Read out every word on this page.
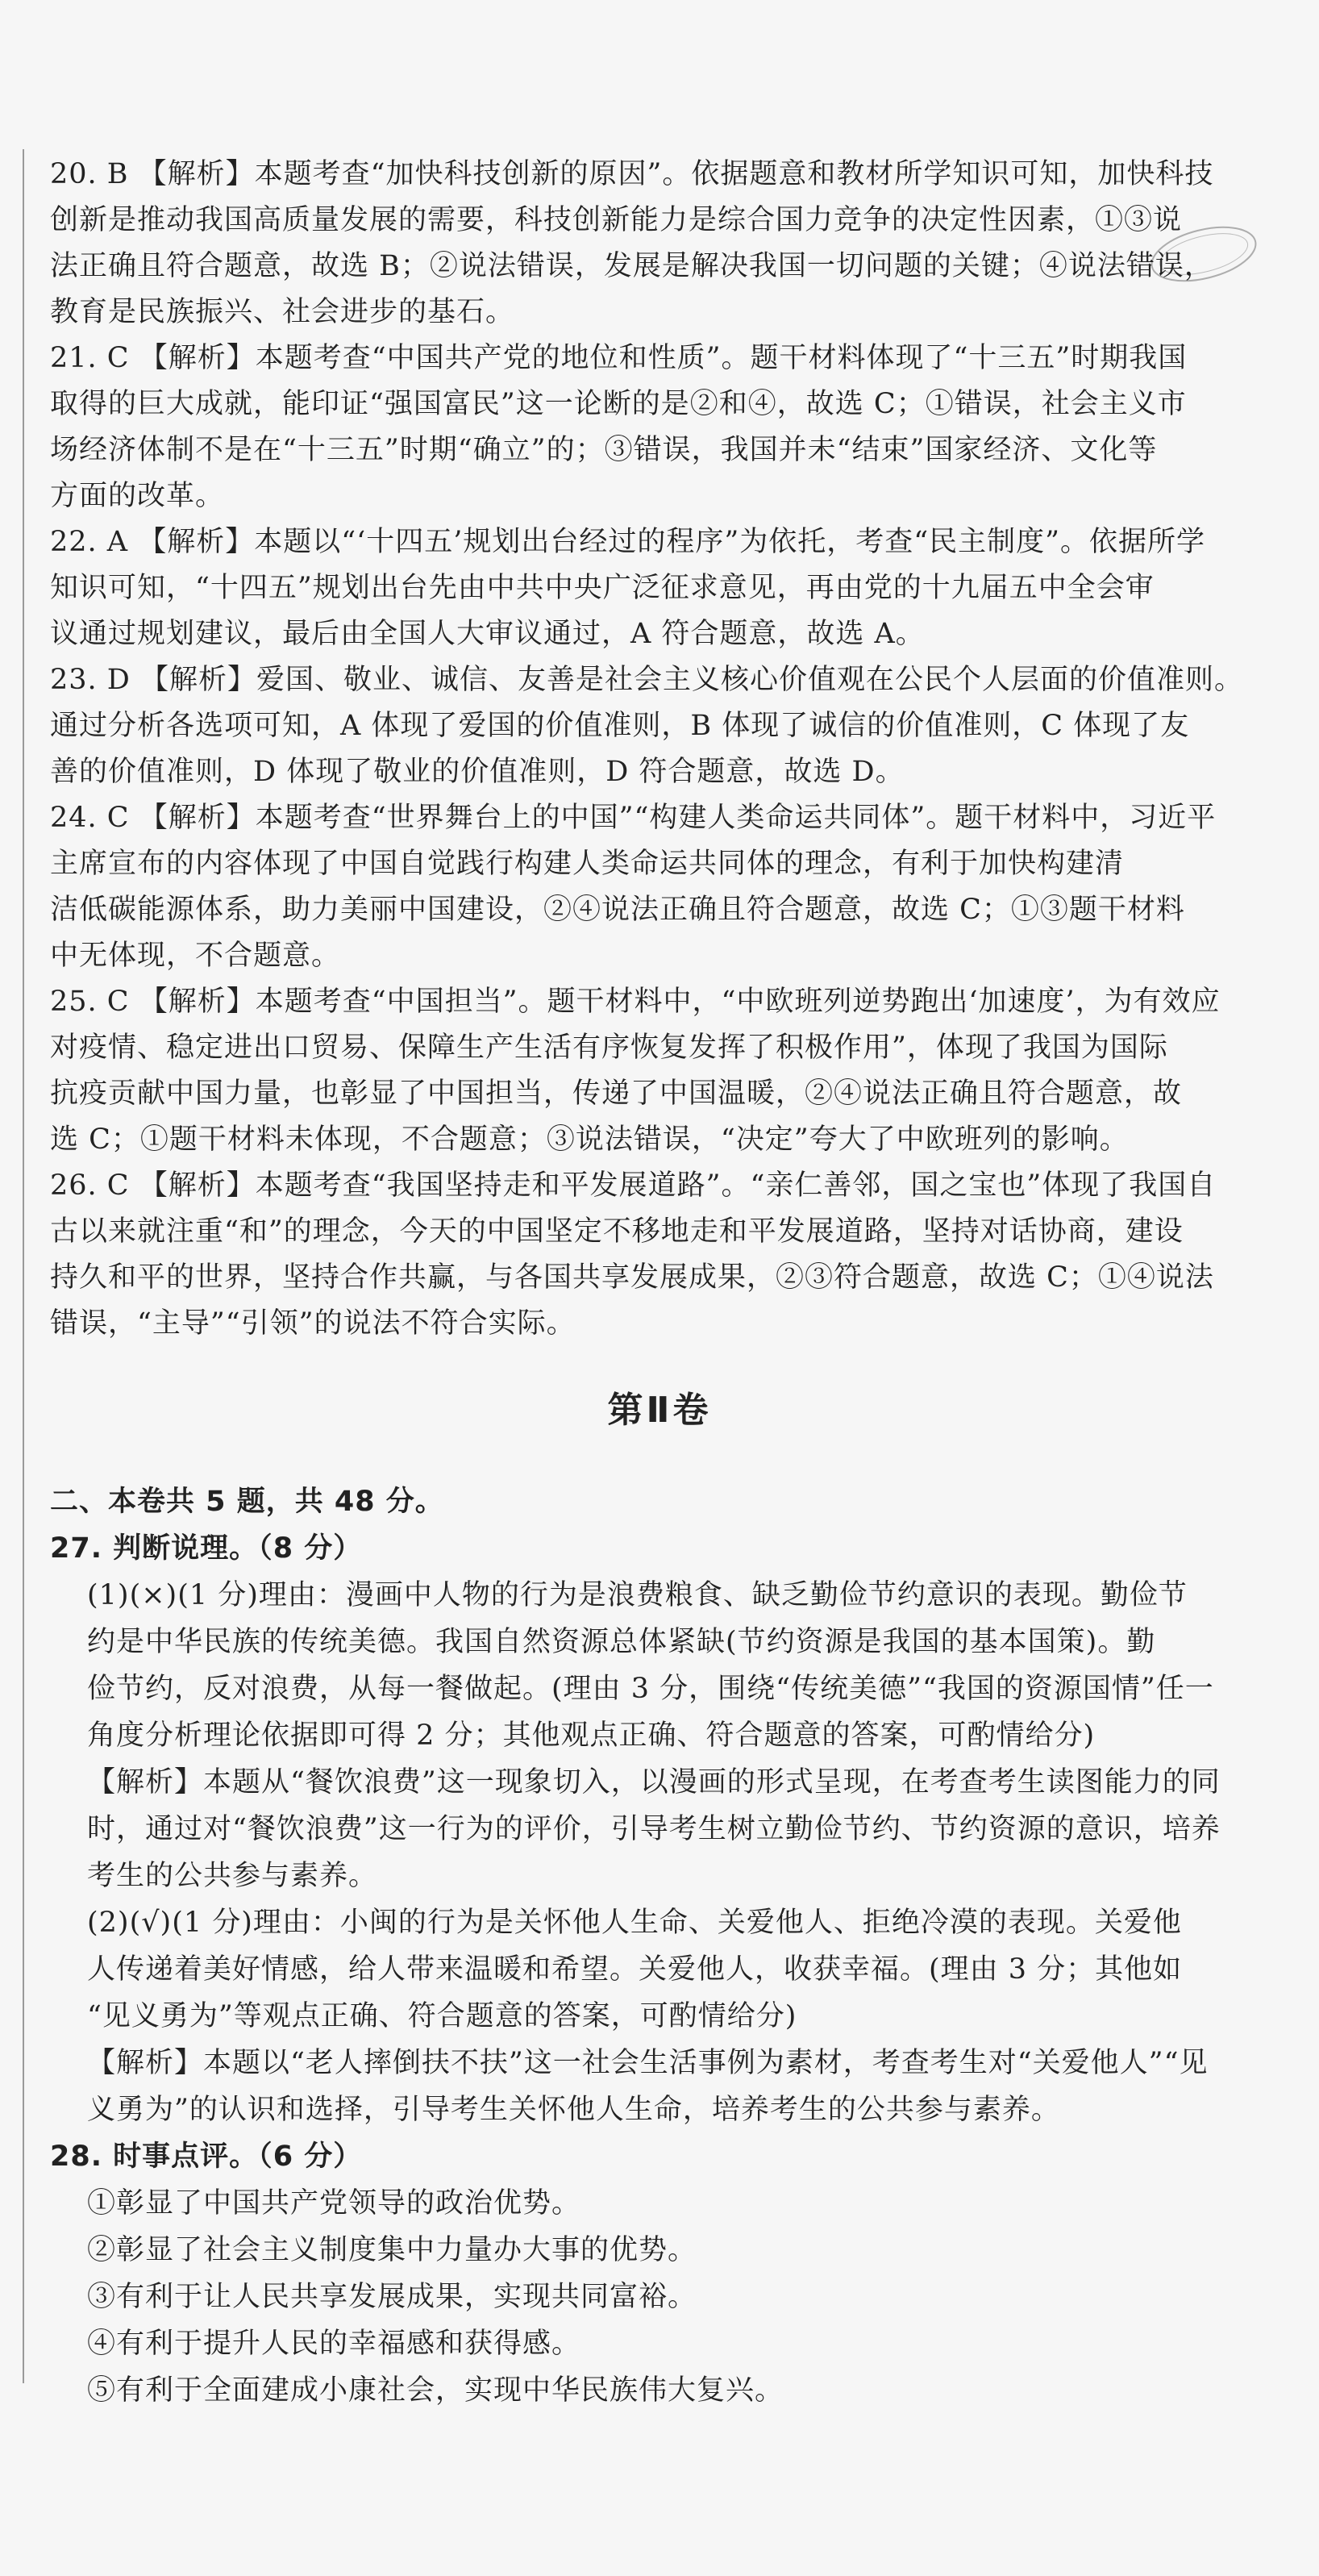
20. B 【解析】本题考查“加快科技创新的原因”。依据题意和教材所学知识可知，加快科技
创新是推动我国高质量发展的需要，科技创新能力是综合国力竞争的决定性因素，①③说
法正确且符合题意，故选 B；②说法错误，发展是解决我国一切问题的关键；④说法错误，
教育是民族振兴、社会进步的基石。
21. C 【解析】本题考查“中国共产党的地位和性质”。题干材料体现了“十三五”时期我国
取得的巨大成就，能印证“强国富民”这一论断的是②和④，故选 C；①错误，社会主义市
场经济体制不是在“十三五”时期“确立”的；③错误，我国并未“结束”国家经济、文化等
方面的改革。
22. A 【解析】本题以“‘十四五’规划出台经过的程序”为依托，考查“民主制度”。依据所学
知识可知，“十四五”规划出台先由中共中央广泛征求意见，再由党的十九届五中全会审
议通过规划建议，最后由全国人大审议通过，A 符合题意，故选 A。
23. D 【解析】爱国、敬业、诚信、友善是社会主义核心价值观在公民个人层面的价值准则。
通过分析各选项可知，A 体现了爱国的价值准则，B 体现了诚信的价值准则，C 体现了友
善的价值准则，D 体现了敬业的价值准则，D 符合题意，故选 D。
24. C 【解析】本题考查“世界舞台上的中国”“构建人类命运共同体”。题干材料中，习近平
主席宣布的内容体现了中国自觉践行构建人类命运共同体的理念，有利于加快构建清
洁低碳能源体系，助力美丽中国建设，②④说法正确且符合题意，故选 C；①③题干材料
中无体现，不合题意。
25. C 【解析】本题考查“中国担当”。题干材料中，“中欧班列逆势跑出‘加速度’，为有效应
对疫情、稳定进出口贸易、保障生产生活有序恢复发挥了积极作用”，体现了我国为国际
抗疫贡献中国力量，也彰显了中国担当，传递了中国温暖，②④说法正确且符合题意，故
选 C；①题干材料未体现，不合题意；③说法错误，“决定”夸大了中欧班列的影响。
26. C 【解析】本题考查“我国坚持走和平发展道路”。“亲仁善邻，国之宝也”体现了我国自
古以来就注重“和”的理念，今天的中国坚定不移地走和平发展道路，坚持对话协商，建设
持久和平的世界，坚持合作共赢，与各国共享发展成果，②③符合题意，故选 C；①④说法
错误，“主导”“引领”的说法不符合实际。
第Ⅱ卷
二、本卷共 5 题，共 48 分。
27. 判断说理。（8 分）
(1)(×)(1 分)理由：漫画中人物的行为是浪费粮食、缺乏勤俭节约意识的表现。勤俭节
约是中华民族的传统美德。我国自然资源总体紧缺(节约资源是我国的基本国策)。勤
俭节约，反对浪费，从每一餐做起。(理由 3 分，围绕“传统美德”“我国的资源国情”任一
角度分析理论依据即可得 2 分；其他观点正确、符合题意的答案，可酌情给分)
【解析】本题从“餐饮浪费”这一现象切入，以漫画的形式呈现，在考查考生读图能力的同
时，通过对“餐饮浪费”这一行为的评价，引导考生树立勤俭节约、节约资源的意识，培养
考生的公共参与素养。
(2)(√)(1 分)理由：小闽的行为是关怀他人生命、关爱他人、拒绝冷漠的表现。关爱他
人传递着美好情感，给人带来温暖和希望。关爱他人，收获幸福。(理由 3 分；其他如
“见义勇为”等观点正确、符合题意的答案，可酌情给分)
【解析】本题以“老人摔倒扶不扶”这一社会生活事例为素材，考查考生对“关爱他人”“见
义勇为”的认识和选择，引导考生关怀他人生命，培养考生的公共参与素养。
28. 时事点评。（6 分）
①彰显了中国共产党领导的政治优势。
②彰显了社会主义制度集中力量办大事的优势。
③有利于让人民共享发展成果，实现共同富裕。
④有利于提升人民的幸福感和获得感。
⑤有利于全面建成小康社会，实现中华民族伟大复兴。
